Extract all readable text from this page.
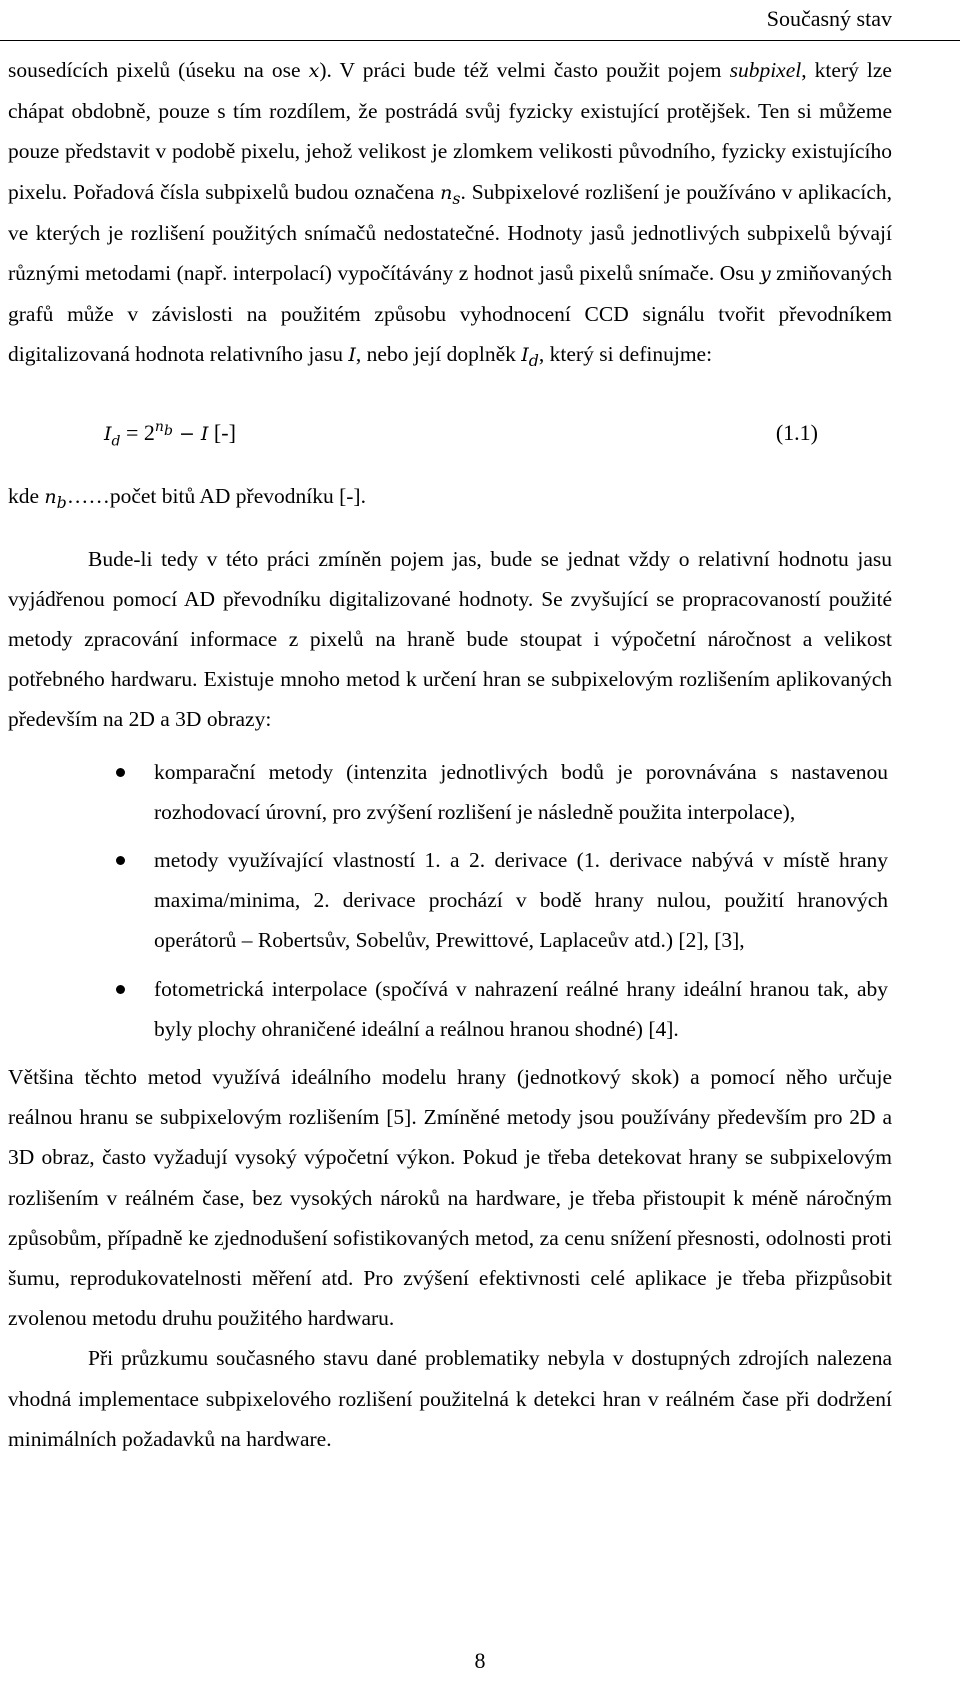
Současný stav

sousedících pixelů (úseku na ose x). V práci bude též velmi často použit pojem subpixel, který lze chápat obdobně, pouze s tím rozdílem, že postrádá svůj fyzicky existující protějšek. Ten si můžeme pouze představit v podobě pixelu, jehož velikost je zlomkem velikosti původního, fyzicky existujícího pixelu. Pořadová čísla subpixelů budou označena $n_s$. Subpixelové rozlišení je používáno v aplikacích, ve kterých je rozlišení použitých snímačů nedostatečné. Hodnoty jasů jednotlivých subpixelů bývají různými metodami (např. interpolací) vypočítávány z hodnot jasů pixelů snímače. Osu y zmiňovaných grafů může v závislosti na použitém způsobu vyhodnocení CCD signálu tvořit převodníkem digitalizovaná hodnota relativního jasu I, nebo její doplněk $I_d$, který si definujme:

$I_d = 2^{n_b} - I$ [-]	(1.1)

kde $n_b\dots\dots počet$ bitů AD převodníku [-].

Bude-li tedy v této práci zmíněn pojem jas, bude se jednat vždy o relativní hodnotu jasu vyjádřenou pomocí AD převodníku digitalizované hodnoty. Se zvyšující se propracovaností použité metody zpracování informace z pixelů na hraně bude stoupat i výpočetní náročnost a velikost potřebného hardwaru. Existuje mnoho metod k určení hran se subpixelovým rozlišením aplikovaných především na 2D a 3D obrazy:

komparační metody (intenzita jednotlivých bodů je porovnávána s nastavenou rozhodovací úrovní, pro zvýšení rozlišení je následně použita interpolace),
metody využívající vlastností 1. a 2. derivace (1. derivace nabývá v místě hrany maxima/minima, 2. derivace prochází v bodě hrany nulou, použití hranových operátorů – Robertsův, Sobelův, Prewittové, Laplaceův atd.) [2], [3],
fotometrická interpolace (spočívá v nahrazení reálné hrany ideální hranou tak, aby byly plochy ohraničené ideální a reálnou hranou shodné) [4].

Většina těchto metod využívá ideálního modelu hrany (jednotkový skok) a pomocí něho určuje reálnou hranu se subpixelovým rozlišením [5]. Zmíněné metody jsou používány především pro 2D a 3D obraz, často vyžadují vysoký výpočetní výkon. Pokud je třeba detekovat hrany se subpixelovým rozlišením v reálném čase, bez vysokých nároků na hardware, je třeba přistoupit k méně náročným způsobům, případně ke zjednodušení sofistikovaných metod, za cenu snížení přesnosti, odolnosti proti šumu, reprodukovatelnosti měření atd. Pro zvýšení efektivnosti celé aplikace je třeba přizpůsobit zvolenou metodu druhu použitého hardwaru.

Při průzkumu současného stavu dané problematiky nebyla v dostupných zdrojích nalezena vhodná implementace subpixelového rozlišení použitelná k detekci hran v reálném čase při dodržení minimálních požadavků na hardware.

8
